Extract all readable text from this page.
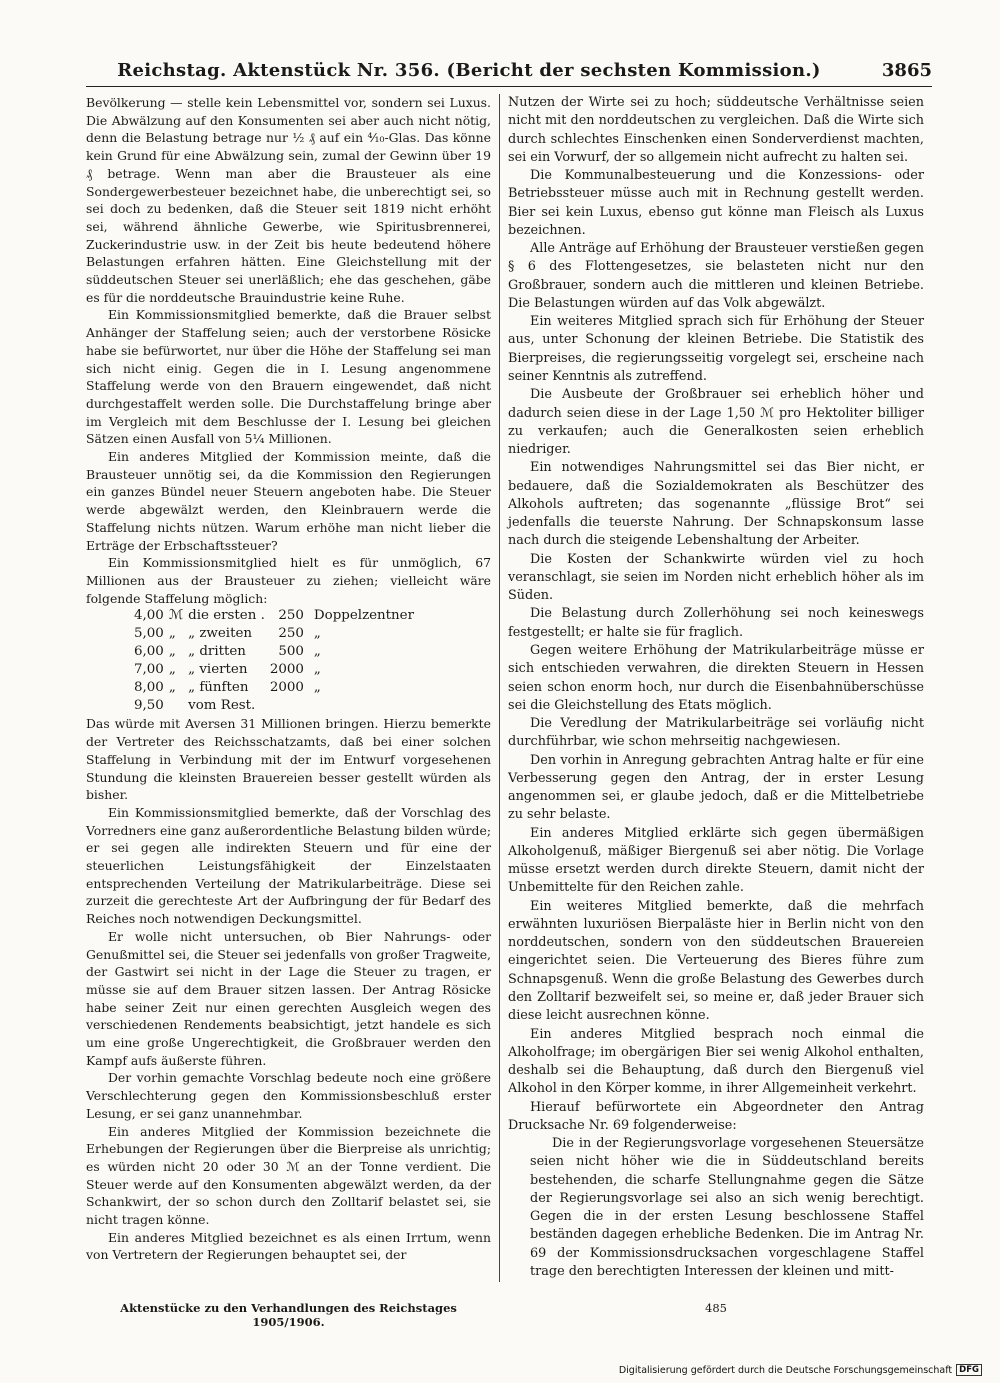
Reichstag. Aktenstück Nr. 356. (Bericht der sechsten Kommission.)	3865

Bevölkerung — stelle kein Lebensmittel vor, sondern sei Luxus. Die Abwälzung auf den Konsumenten sei aber auch nicht nötig, denn die Belastung betrage nur ½ ₰ auf ein ⁴⁄₁₀-Glas. Das könne kein Grund für eine Abwälzung sein, zumal der Gewinn über 19 ₰ betrage. Wenn man aber die Brausteuer als eine Sondergewerbesteuer bezeichnet habe, die unberechtigt sei, so sei doch zu bedenken, daß die Steuer seit 1819 nicht erhöht sei, während ähnliche Gewerbe, wie Spiritusbrennerei, Zuckerindustrie usw. in der Zeit bis heute bedeutend höhere Belastungen erfahren hätten. Eine Gleichstellung mit der süddeutschen Steuer sei unerläßlich; ehe das geschehen, gäbe es für die norddeutsche Brauindustrie keine Ruhe.

Ein Kommissionsmitglied bemerkte, daß die Brauer selbst Anhänger der Staffelung seien; auch der verstorbene Rösicke habe sie befürwortet, nur über die Höhe der Staffelung sei man sich nicht einig. Gegen die in I. Lesung angenommene Staffelung werde von den Brauern eingewendet, daß nicht durchgestaffelt werden solle. Die Durchstaffelung bringe aber im Vergleich mit dem Beschlusse der I. Lesung bei gleichen Sätzen einen Ausfall von 5¼ Millionen.

Ein anderes Mitglied der Kommission meinte, daß die Brausteuer unnötig sei, da die Kommission den Regierungen ein ganzes Bündel neuer Steuern angeboten habe. Die Steuer werde abgewälzt werden, den Kleinbrauern werde die Staffelung nichts nützen. Warum erhöhe man nicht lieber die Erträge der Erbschaftssteuer?

Ein Kommissionsmitglied hielt es für unmöglich, 67 Millionen aus der Brausteuer zu ziehen; vielleicht wäre folgende Staffelung möglich:

4,00	ℳ	die ersten .	250	Doppelzentner
5,00	„	„ zweiten	250	„
6,00	„	„ dritten	500	„
7,00	„	„ vierten	2000	„
8,00	„	„ fünften	2000	„
9,50		vom Rest.		

Das würde mit Aversen 31 Millionen bringen. Hierzu bemerkte der Vertreter des Reichsschatzamts, daß bei einer solchen Staffelung in Verbindung mit der im Entwurf vorgesehenen Stundung die kleinsten Brauereien besser gestellt würden als bisher.

Ein Kommissionsmitglied bemerkte, daß der Vorschlag des Vorredners eine ganz außerordentliche Belastung bilden würde; er sei gegen alle indirekten Steuern und für eine der steuerlichen Leistungsfähigkeit der Einzelstaaten entsprechenden Verteilung der Matrikularbeiträge. Diese sei zurzeit die gerechteste Art der Aufbringung der für Bedarf des Reiches noch notwendigen Deckungsmittel.

Er wolle nicht untersuchen, ob Bier Nahrungs- oder Genußmittel sei, die Steuer sei jedenfalls von großer Tragweite, der Gastwirt sei nicht in der Lage die Steuer zu tragen, er müsse sie auf dem Brauer sitzen lassen. Der Antrag Rösicke habe seiner Zeit nur einen gerechten Ausgleich wegen des verschiedenen Rendements beabsichtigt, jetzt handele es sich um eine große Ungerechtigkeit, die Großbrauer werden den Kampf aufs äußerste führen.

Der vorhin gemachte Vorschlag bedeute noch eine größere Verschlechterung gegen den Kommissionsbeschluß erster Lesung, er sei ganz unannehmbar.

Ein anderes Mitglied der Kommission bezeichnete die Erhebungen der Regierungen über die Bierpreise als unrichtig; es würden nicht 20 oder 30 ℳ an der Tonne verdient. Die Steuer werde auf den Konsumenten abgewälzt werden, da der Schankwirt, der so schon durch den Zolltarif belastet sei, sie nicht tragen könne.

Ein anderes Mitglied bezeichnet es als einen Irrtum, wenn von Vertretern der Regierungen behauptet sei, der

Nutzen der Wirte sei zu hoch; süddeutsche Verhältnisse seien nicht mit den norddeutschen zu vergleichen. Daß die Wirte sich durch schlechtes Einschenken einen Sonderverdienst machten, sei ein Vorwurf, der so allgemein nicht aufrecht zu halten sei.

Die Kommunalbesteuerung und die Konzessions- oder Betriebssteuer müsse auch mit in Rechnung gestellt werden. Bier sei kein Luxus, ebenso gut könne man Fleisch als Luxus bezeichnen.

Alle Anträge auf Erhöhung der Brausteuer verstießen gegen § 6 des Flottengesetzes, sie belasteten nicht nur den Großbrauer, sondern auch die mittleren und kleinen Betriebe. Die Belastungen würden auf das Volk abgewälzt.

Ein weiteres Mitglied sprach sich für Erhöhung der Steuer aus, unter Schonung der kleinen Betriebe. Die Statistik des Bierpreises, die regierungsseitig vorgelegt sei, erscheine nach seiner Kenntnis als zutreffend.

Die Ausbeute der Großbrauer sei erheblich höher und dadurch seien diese in der Lage 1,50 ℳ pro Hektoliter billiger zu verkaufen; auch die Generalkosten seien erheblich niedriger.

Ein notwendiges Nahrungsmittel sei das Bier nicht, er bedauere, daß die Sozialdemokraten als Beschützer des Alkohols auftreten; das sogenannte „flüssige Brot“ sei jedenfalls die teuerste Nahrung. Der Schnapskonsum lasse nach durch die steigende Lebenshaltung der Arbeiter.

Die Kosten der Schankwirte würden viel zu hoch veranschlagt, sie seien im Norden nicht erheblich höher als im Süden.

Die Belastung durch Zollerhöhung sei noch keineswegs festgestellt; er halte sie für fraglich.

Gegen weitere Erhöhung der Matrikularbeiträge müsse er sich entschieden verwahren, die direkten Steuern in Hessen seien schon enorm hoch, nur durch die Eisenbahnüberschüsse sei die Gleichstellung des Etats möglich.

Die Veredlung der Matrikularbeiträge sei vorläufig nicht durchführbar, wie schon mehrseitig nachgewiesen.

Den vorhin in Anregung gebrachten Antrag halte er für eine Verbesserung gegen den Antrag, der in erster Lesung angenommen sei, er glaube jedoch, daß er die Mittelbetriebe zu sehr belaste.

Ein anderes Mitglied erklärte sich gegen übermäßigen Alkoholgenuß, mäßiger Biergenuß sei aber nötig. Die Vorlage müsse ersetzt werden durch direkte Steuern, damit nicht der Unbemittelte für den Reichen zahle.

Ein weiteres Mitglied bemerkte, daß die mehrfach erwähnten luxuriösen Bierpaläste hier in Berlin nicht von den norddeutschen, sondern von den süddeutschen Brauereien eingerichtet seien. Die Verteuerung des Bieres führe zum Schnapsgenuß. Wenn die große Belastung des Gewerbes durch den Zolltarif bezweifelt sei, so meine er, daß jeder Brauer sich diese leicht ausrechnen könne.

Ein anderes Mitglied besprach noch einmal die Alkoholfrage; im obergärigen Bier sei wenig Alkohol enthalten, deshalb sei die Behauptung, daß durch den Biergenuß viel Alkohol in den Körper komme, in ihrer Allgemeinheit verkehrt.

Hierauf befürwortete ein Abgeordneter den Antrag Drucksache Nr. 69 folgenderweise:

Die in der Regierungsvorlage vorgesehenen Steuersätze seien nicht höher wie die in Süddeutschland bereits bestehenden, die scharfe Stellungnahme gegen die Sätze der Regierungsvorlage sei also an sich wenig berechtigt. Gegen die in der ersten Lesung beschlossene Staffel beständen dagegen erhebliche Bedenken. Die im Antrag Nr. 69 der Kommissionsdrucksachen vorgeschlagene Staffel trage den berechtigten Interessen der kleinen und mitt-

Aktenstücke zu den Verhandlungen des Reichstages 1905/1906.
485
Digitalisierung gefördert durch die Deutsche Forschungsgemeinschaft DFG
